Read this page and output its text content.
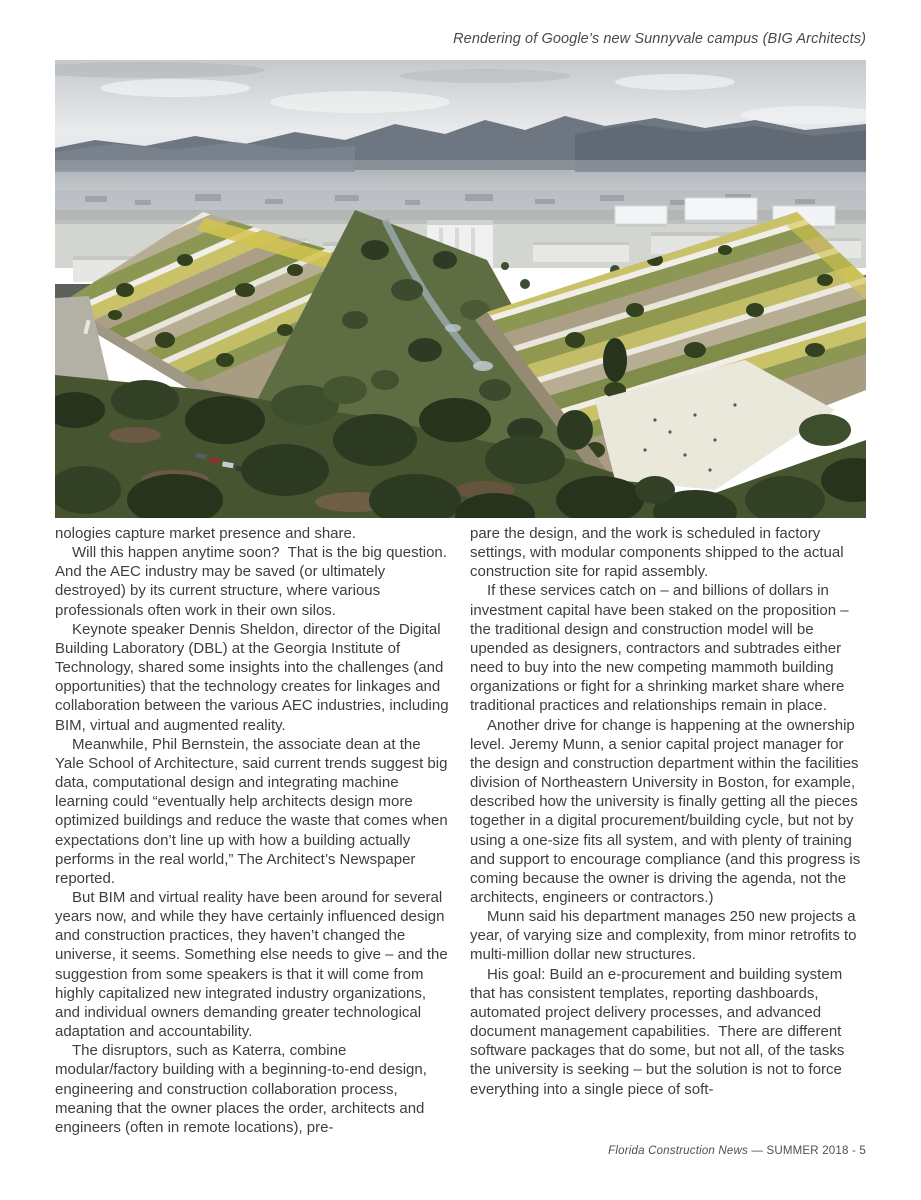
Rendering of Google’s new Sunnyvale campus (BIG Architects)

nologies capture market presence and share.

Will this happen anytime soon?  That is the big question. And the AEC industry may be saved (or ultimately destroyed) by its current structure, where various professionals often work in their own silos.

Keynote speaker Dennis Sheldon, director of the Digital Building Laboratory (DBL) at the Georgia Institute of Technology, shared some insights into the challenges (and opportunities) that the technology creates for linkages and collaboration between the various AEC industries, including BIM, virtual and augmented reality.

Meanwhile, Phil Bernstein, the associate dean at the Yale School of Architecture, said current trends suggest big data, computational design and integrating machine learning could “eventually help architects design more optimized buildings and reduce the waste that comes when expectations don’t line up with how a building actually performs in the real world,” The Architect’s Newspaper reported.

But BIM and virtual reality have been around for several years now, and while they have certainly influenced design and construction practices, they haven’t changed the universe, it seems. Something else needs to give – and the suggestion from some speakers is that it will come from highly capitalized new integrated industry organizations, and individual owners demanding greater technological adaptation and accountability.

The disruptors, such as Katerra, combine modular/factory building with a beginning-to-end design, engineering and construction collaboration process, meaning that the owner places the order, architects and engineers (often in remote locations), pre-

pare the design, and the work is scheduled in factory settings, with modular components shipped to the actual construction site for rapid assembly.

If these services catch on – and billions of dollars in investment capital have been staked on the proposition – the traditional design and construction model will be upended as designers, contractors and subtrades either need to buy into the new competing mammoth building organizations or fight for a shrinking market share where traditional practices and relationships remain in place.

Another drive for change is happening at the ownership level. Jeremy Munn, a senior capital project manager for the design and construction department within the facilities division of Northeastern University in Boston, for example, described how the university is finally getting all the pieces together in a digital procurement/building cycle, but not by using a one-size fits all system, and with plenty of training and support to encourage compliance (and this progress is coming because the owner is driving the agenda, not the architects, engineers or contractors.)

Munn said his department manages 250 new projects a year, of varying size and complexity, from minor retrofits to multi-million dollar new structures.

His goal: Build an e-procurement and building system that has consistent templates, reporting dashboards, automated project delivery processes, and advanced document management capabilities.  There are different software packages that do some, but not all, of the tasks the university is seeking – but the solution is not to force everything into a single piece of soft-

Florida Construction News — SUMMER 2018 - 5
